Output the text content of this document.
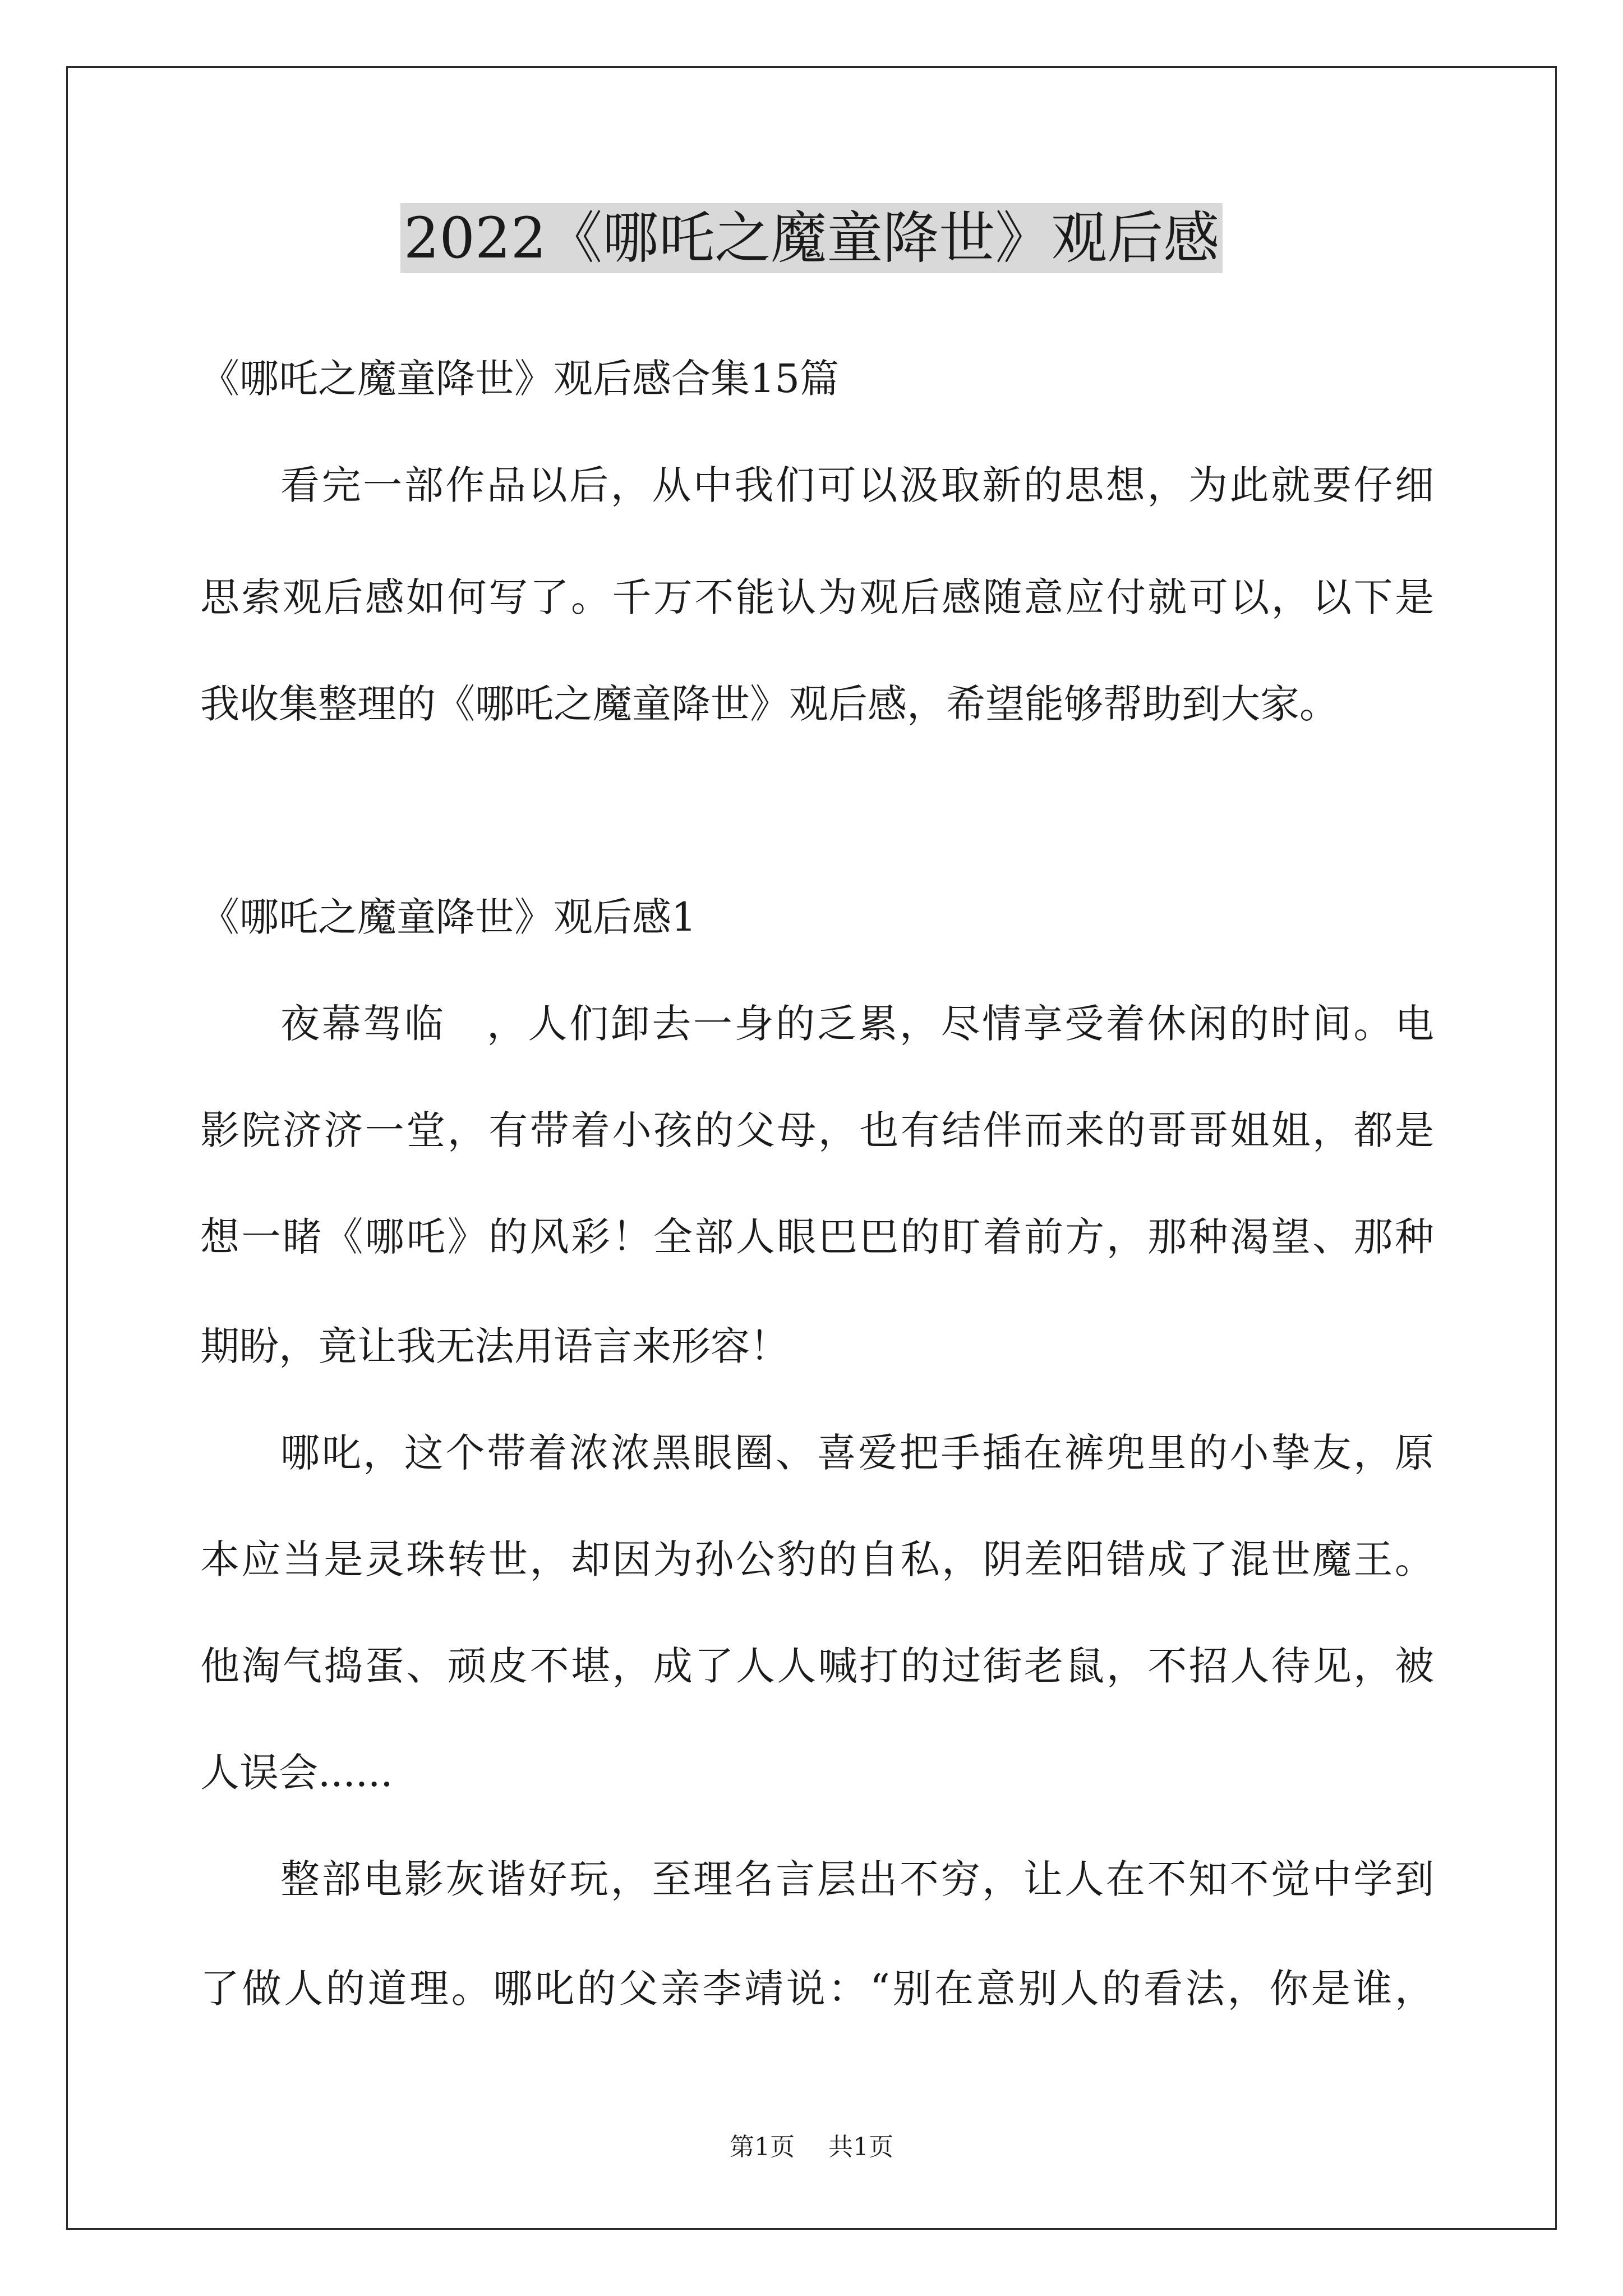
2022《哪吒之魔童降世》观后感
《哪吒之魔童降世》观后感合集15篇
看完一部作品以后，从中我们可以汲取新的思想，为此就要仔细
思索观后感如何写了。千万不能认为观后感随意应付就可以，以下是
我收集整理的《哪吒之魔童降世》观后感，希望能够帮助到大家。
《哪吒之魔童降世》观后感1
夜幕驾临　，人们卸去一身的乏累，尽情享受着休闲的时间。电
影院济济一堂，有带着小孩的父母，也有结伴而来的哥哥姐姐，都是
想一睹《哪吒》的风彩！全部人眼巴巴的盯着前方，那种渴望、那种
期盼，竟让我无法用语言来形容！
哪叱，这个带着浓浓黑眼圈、喜爱把手插在裤兜里的小挚友，原
本应当是灵珠转世，却因为孙公豹的自私，阴差阳错成了混世魔王。
他淘气捣蛋、顽皮不堪，成了人人喊打的过街老鼠，不招人待见，被
人误会......
整部电影灰谐好玩，至理名言层出不穷，让人在不知不觉中学到
了做人的道理。哪叱的父亲李靖说：“别在意别人的看法，你是谁，
第1页 共1页
